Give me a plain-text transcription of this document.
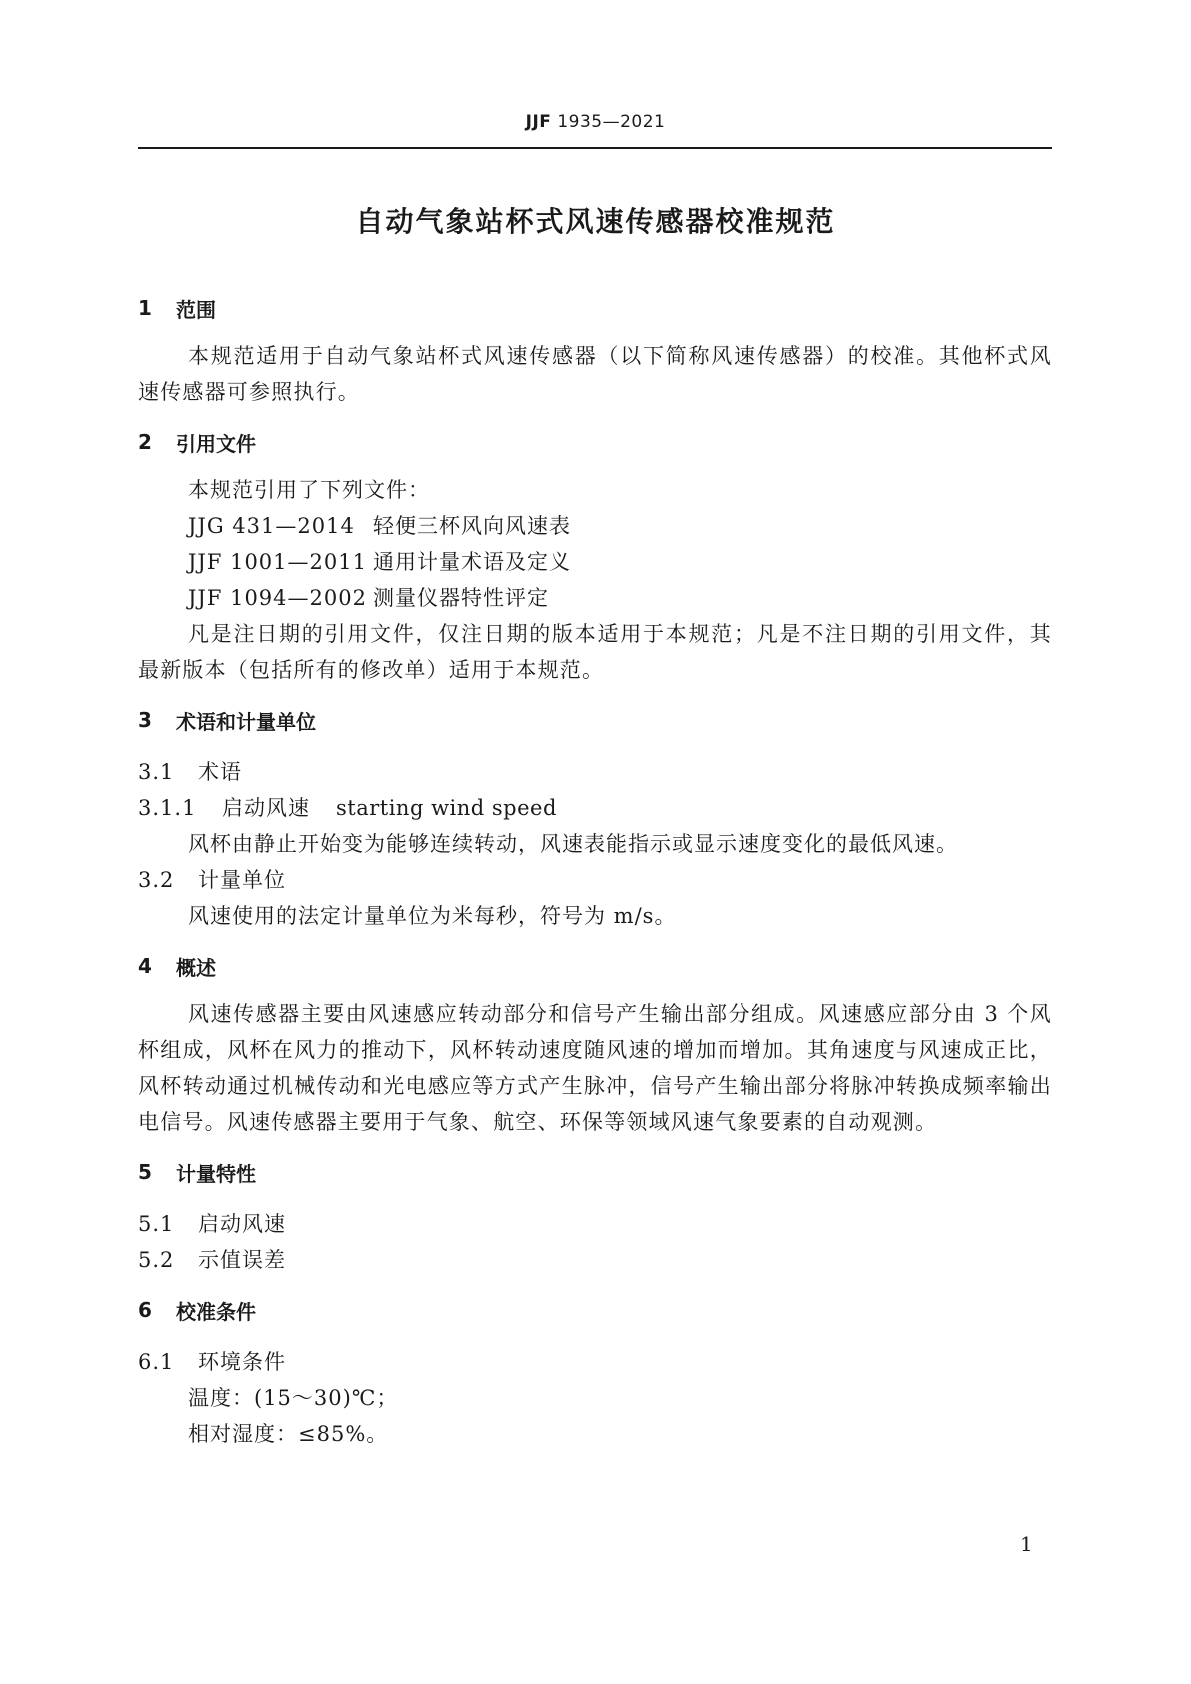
JJF 1935—2021
自动气象站杯式风速传感器校准规范
1	范围
本规范适用于自动气象站杯式风速传感器（以下简称风速传感器）的校准。其他杯式风速传感器可参照执行。
2	引用文件
本规范引用了下列文件：
JJG 431—2014 轻便三杯风向风速表
JJF 1001—2011 通用计量术语及定义
JJF 1094—2002 测量仪器特性评定
凡是注日期的引用文件，仅注日期的版本适用于本规范；凡是不注日期的引用文件，其最新版本（包括所有的修改单）适用于本规范。
3	术语和计量单位
3.1 术语
3.1.1 启动风速 starting wind speed
风杯由静止开始变为能够连续转动，风速表能指示或显示速度变化的最低风速。
3.2 计量单位
风速使用的法定计量单位为米每秒，符号为 m/s。
4	概述
风速传感器主要由风速感应转动部分和信号产生输出部分组成。风速感应部分由 3 个风杯组成，风杯在风力的推动下，风杯转动速度随风速的增加而增加。其角速度与风速成正比，风杯转动通过机械传动和光电感应等方式产生脉冲，信号产生输出部分将脉冲转换成频率输出电信号。风速传感器主要用于气象、航空、环保等领域风速气象要素的自动观测。
5	计量特性
5.1 启动风速
5.2 示值误差
6	校准条件
6.1 环境条件
温度：(15～30)℃；
相对湿度：≤85%。
1
